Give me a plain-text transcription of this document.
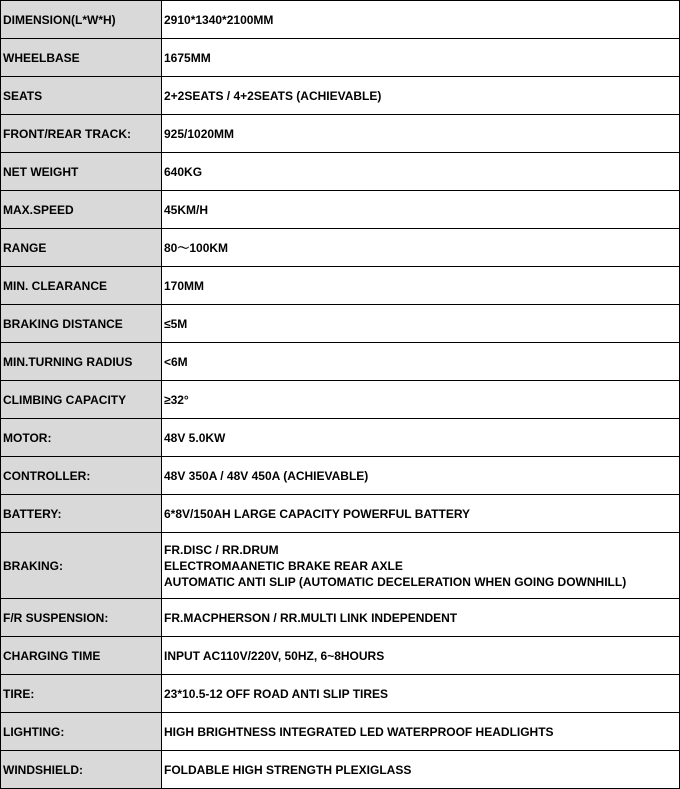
DIMENSION(L*W*H)	2910*1340*2100MM

WHEELBASE	1675MM

SEATS	2+2SEATS / 4+2SEATS (ACHIEVABLE)

FRONT/REAR TRACK:	925/1020MM

NET WEIGHT	640KG

MAX.SPEED	45KM/H

RANGE	80～100KM

MIN. CLEARANCE	170MM

BRAKING DISTANCE	≤5M

MIN.TURNING RADIUS	<6M

CLIMBING CAPACITY	≥32°

MOTOR:	48V 5.0KW

CONTROLLER:	48V 350A / 48V 450A (ACHIEVABLE)

BATTERY:	6*8V/150AH LARGE CAPACITY POWERFUL BATTERY

BRAKING:	FR.DISC / RR.DRUM
ELECTROMAANETIC BRAKE REAR AXLE
AUTOMATIC ANTI SLIP (AUTOMATIC DECELERATION WHEN GOING DOWNHILL)

F/R SUSPENSION:	FR.MACPHERSON / RR.MULTI LINK INDEPENDENT

CHARGING TIME	INPUT AC110V/220V, 50HZ, 6~8HOURS

TIRE:	23*10.5-12 OFF ROAD ANTI SLIP TIRES

LIGHTING:	HIGH BRIGHTNESS INTEGRATED LED WATERPROOF HEADLIGHTS

WINDSHIELD:	FOLDABLE HIGH STRENGTH PLEXIGLASS
